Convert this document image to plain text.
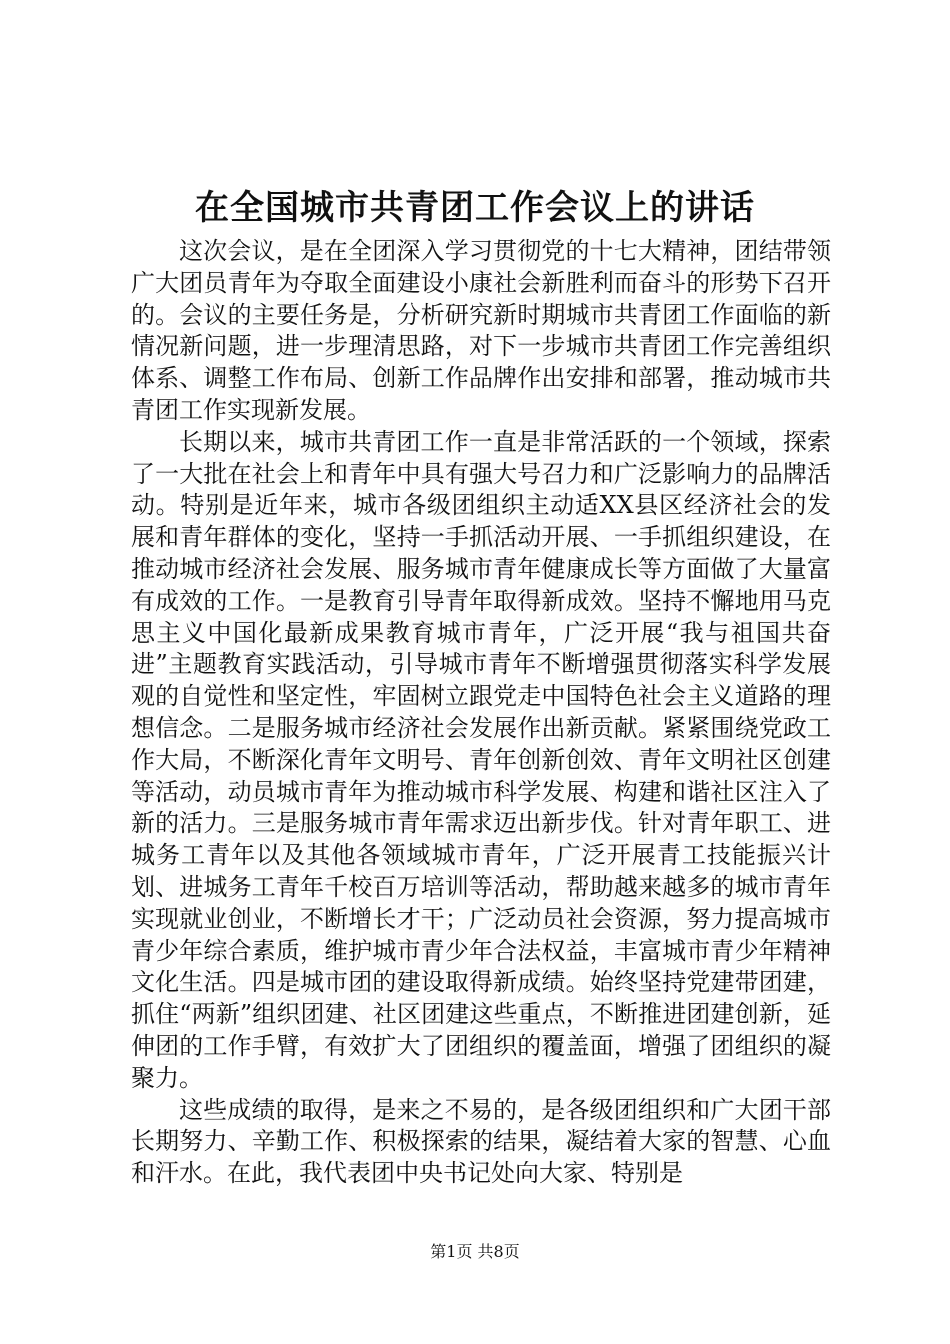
在全国城市共青团工作会议上的讲话

这次会议，是在全团深入学习贯彻党的十七大精神，团结带领广大团员青年为夺取全面建设小康社会新胜利而奋斗的形势下召开的。会议的主要任务是，分析研究新时期城市共青团工作面临的新情况新问题，进一步理清思路，对下一步城市共青团工作完善组织体系、调整工作布局、创新工作品牌作出安排和部署，推动城市共青团工作实现新发展。

长期以来，城市共青团工作一直是非常活跃的一个领域，探索了一大批在社会上和青年中具有强大号召力和广泛影响力的品牌活动。特别是近年来，城市各级团组织主动适XX县区经济社会的发展和青年群体的变化，坚持一手抓活动开展、一手抓组织建设，在推动城市经济社会发展、服务城市青年健康成长等方面做了大量富有成效的工作。一是教育引导青年取得新成效。坚持不懈地用马克思主义中国化最新成果教育城市青年，广泛开展“我与祖国共奋进”主题教育实践活动，引导城市青年不断增强贯彻落实科学发展观的自觉性和坚定性，牢固树立跟党走中国特色社会主义道路的理想信念。二是服务城市经济社会发展作出新贡献。紧紧围绕党政工作大局，不断深化青年文明号、青年创新创效、青年文明社区创建等活动，动员城市青年为推动城市科学发展、构建和谐社区注入了新的活力。三是服务城市青年需求迈出新步伐。针对青年职工、进城务工青年以及其他各领域城市青年，广泛开展青工技能振兴计划、进城务工青年千校百万培训等活动，帮助越来越多的城市青年实现就业创业，不断增长才干；广泛动员社会资源，努力提高城市青少年综合素质，维护城市青少年合法权益，丰富城市青少年精神文化生活。四是城市团的建设取得新成绩。始终坚持党建带团建，抓住“两新”组织团建、社区团建这些重点，不断推进团建创新，延伸团的工作手臂，有效扩大了团组织的覆盖面，增强了团组织的凝聚力。

这些成绩的取得，是来之不易的，是各级团组织和广大团干部长期努力、辛勤工作、积极探索的结果，凝结着大家的智慧、心血和汗水。在此，我代表团中央书记处向大家、特别是

第1页 共8页
